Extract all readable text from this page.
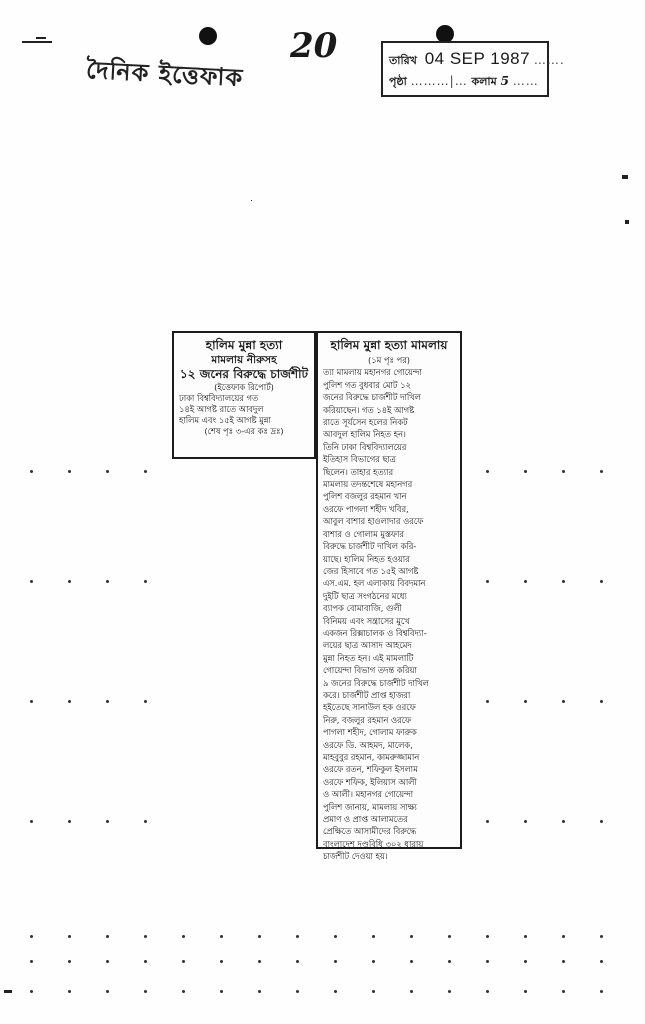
দৈনিক ইত্তেফাক
20	তারিখ 04 SEP 1987 …….
পৃষ্ঠা ………|… কলাম 5 ……
হালিম মুন্না হত্যা
মামলায় নীরুসহ
১২ জনের বিরুদ্ধে চার্জশীট
(ইত্তেফাক রিপোর্ট)
ঢাকা বিশ্ববিদ্যালয়ের গত
১৪ই আগষ্ট রাতে আবদুল
হালিম এবং ১৫ই আগষ্ট মুন্না
(শেষ পৃঃ ৩-এর কঃ দ্রঃ)
হালিম মুন্না হত্যা মামলায়
(১ম পৃঃ পর)
ত্যা মামলায় মহানগর গোয়েন্দা
পুলিশ গত বুধবার মোট ১২
জনের বিরুদ্ধে চার্জশীট দাখিল
করিয়াছেন। গত ১৪ই আগষ্ট
রাতে সূর্যসেন হলের নিকট
আবদুল হালিম নিহত হন।
তিনি ঢাকা বিশ্ববিদ্যালয়ের
ইতিহাস বিভাগের ছাত্র
ছিলেন। তাহার হত্যার
মামলায় তদন্তশেষে মহানগর
পুলিশ বজলুর রহমান খান
ওরফে পাগলা শহীদ খবির,
আবুল বাশার হাওলাদার ওরফে
বাশার ও গোলাম মুস্তফার
বিরুদ্ধে চার্জশীট দাখিল করি-
য়াছে। হালিম নিহত হওয়ার
জের হিসাবে গত ১৫ই আগষ্ট
এস.এম. হল এলাকায় বিবদমান
দুইটি ছাত্র সংগঠনের মধ্যে
ব্যাপক বোমাবাজি, গুলী
বিনিময় এবং সন্ত্রাসের মুখে
একজন রিক্সাচালক ও বিশ্ববিদ্যা-
লয়ের ছাত্র আসাদ আহমেদ
মুন্না নিহত হন। এই মামলাটি
গোয়েন্দা বিভাগ তদন্ত করিয়া
৯ জনের বিরুদ্ধে চার্জশীট দাখিল
করে। চার্জশীট প্রাপ্ত হাজরা
হইতেছে সানাউল হক ওরফে
নিরু, বজলুর রহমান ওরফে
পাগলা শহীদ, গোলাম ফারুক
ওরফে ডি. আহমদ, মালেক,
মাহবুবুর রহমান, কামরুজ্জামান
ওরফে রতন, শফিকুল ইসলাম
ওরফে শফিক, ইলিয়াস আলী
ও আলী। মহানগর গোয়েন্দা
পুলিশ জানায়, মামলায় সাক্ষ্য
প্রমাণ ও প্রাপ্ত আলামতের
প্রেক্ষিতে আসামীদের বিরুদ্ধে
বাংলাদেশ দণ্ডবিধি ৩০২ ধারায়
চার্জশীট দেওয়া হয়।
